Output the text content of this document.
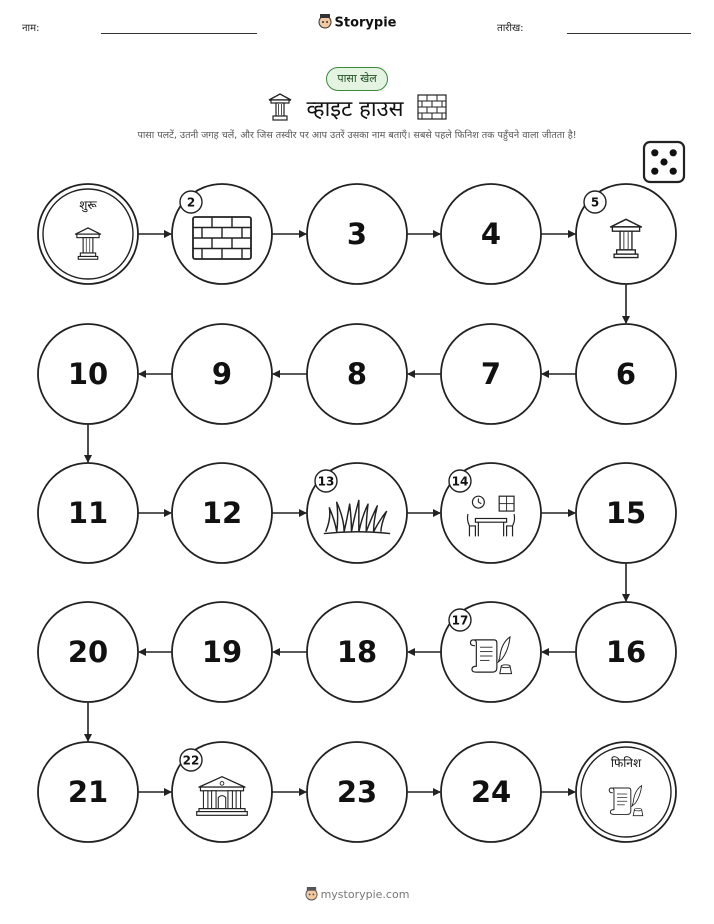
नाम:	Storypie	तारीख:
पासा खेल
व्हाइट हाउस
पासा पलटें, उतनी जगह चलें, और जिस तस्वीर पर आप उतरें उसका नाम बताएँ। सबसे पहले फिनिश तक पहुँचने वाला जीतता है!
शुरू	2
3	4
5
6
7
8
9
10
11	12
13	14
15
16
17
18
19
20
21
22
23	24
फिनिश
mystorypie.com
